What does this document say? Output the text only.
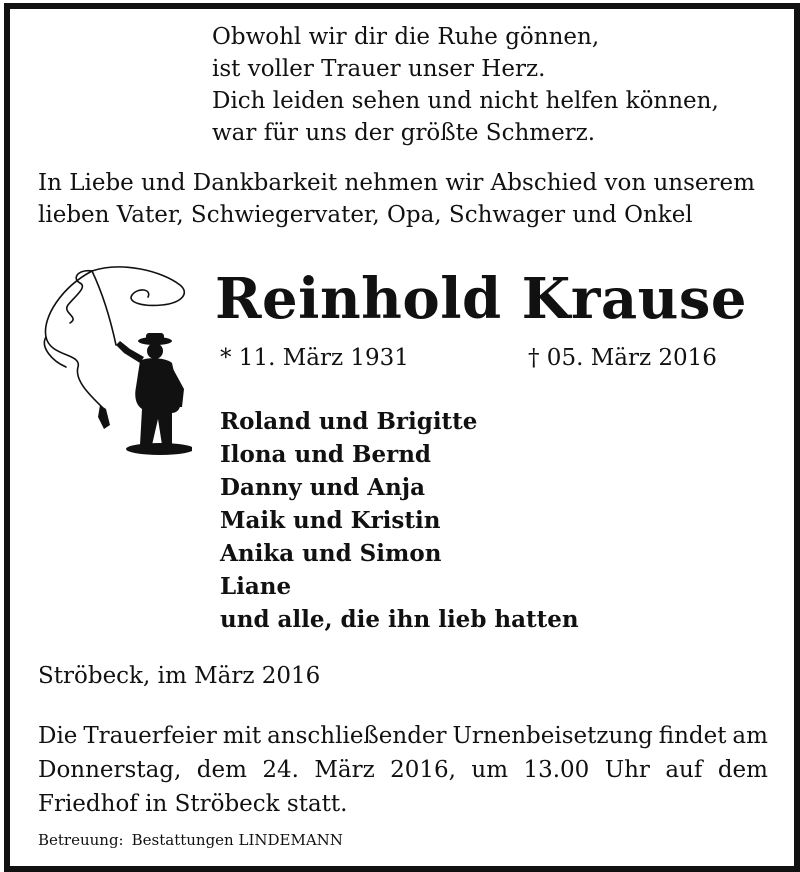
Obwohl wir dir die Ruhe gönnen,
ist voller Trauer unser Herz.
Dich leiden sehen und nicht helfen können,
war für uns der größte Schmerz.
In Liebe und Dankbarkeit nehmen wir Abschied von unserem
lieben Vater, Schwiegervater, Opa, Schwager und Onkel
Reinhold Krause
* 11. März 1931	† 05. März 2016
Roland und Brigitte
Ilona und Bernd
Danny und Anja
Maik und Kristin
Anika und Simon
Liane
und alle, die ihn lieb hatten
Ströbeck, im März 2016
Die Trauerfeier mit anschließender Urnenbeisetzung findet am
Donnerstag, dem 24. März 2016, um 13.00 Uhr auf dem
Friedhof in Ströbeck statt.
Betreuung: Bestattungen LINDEMANN
